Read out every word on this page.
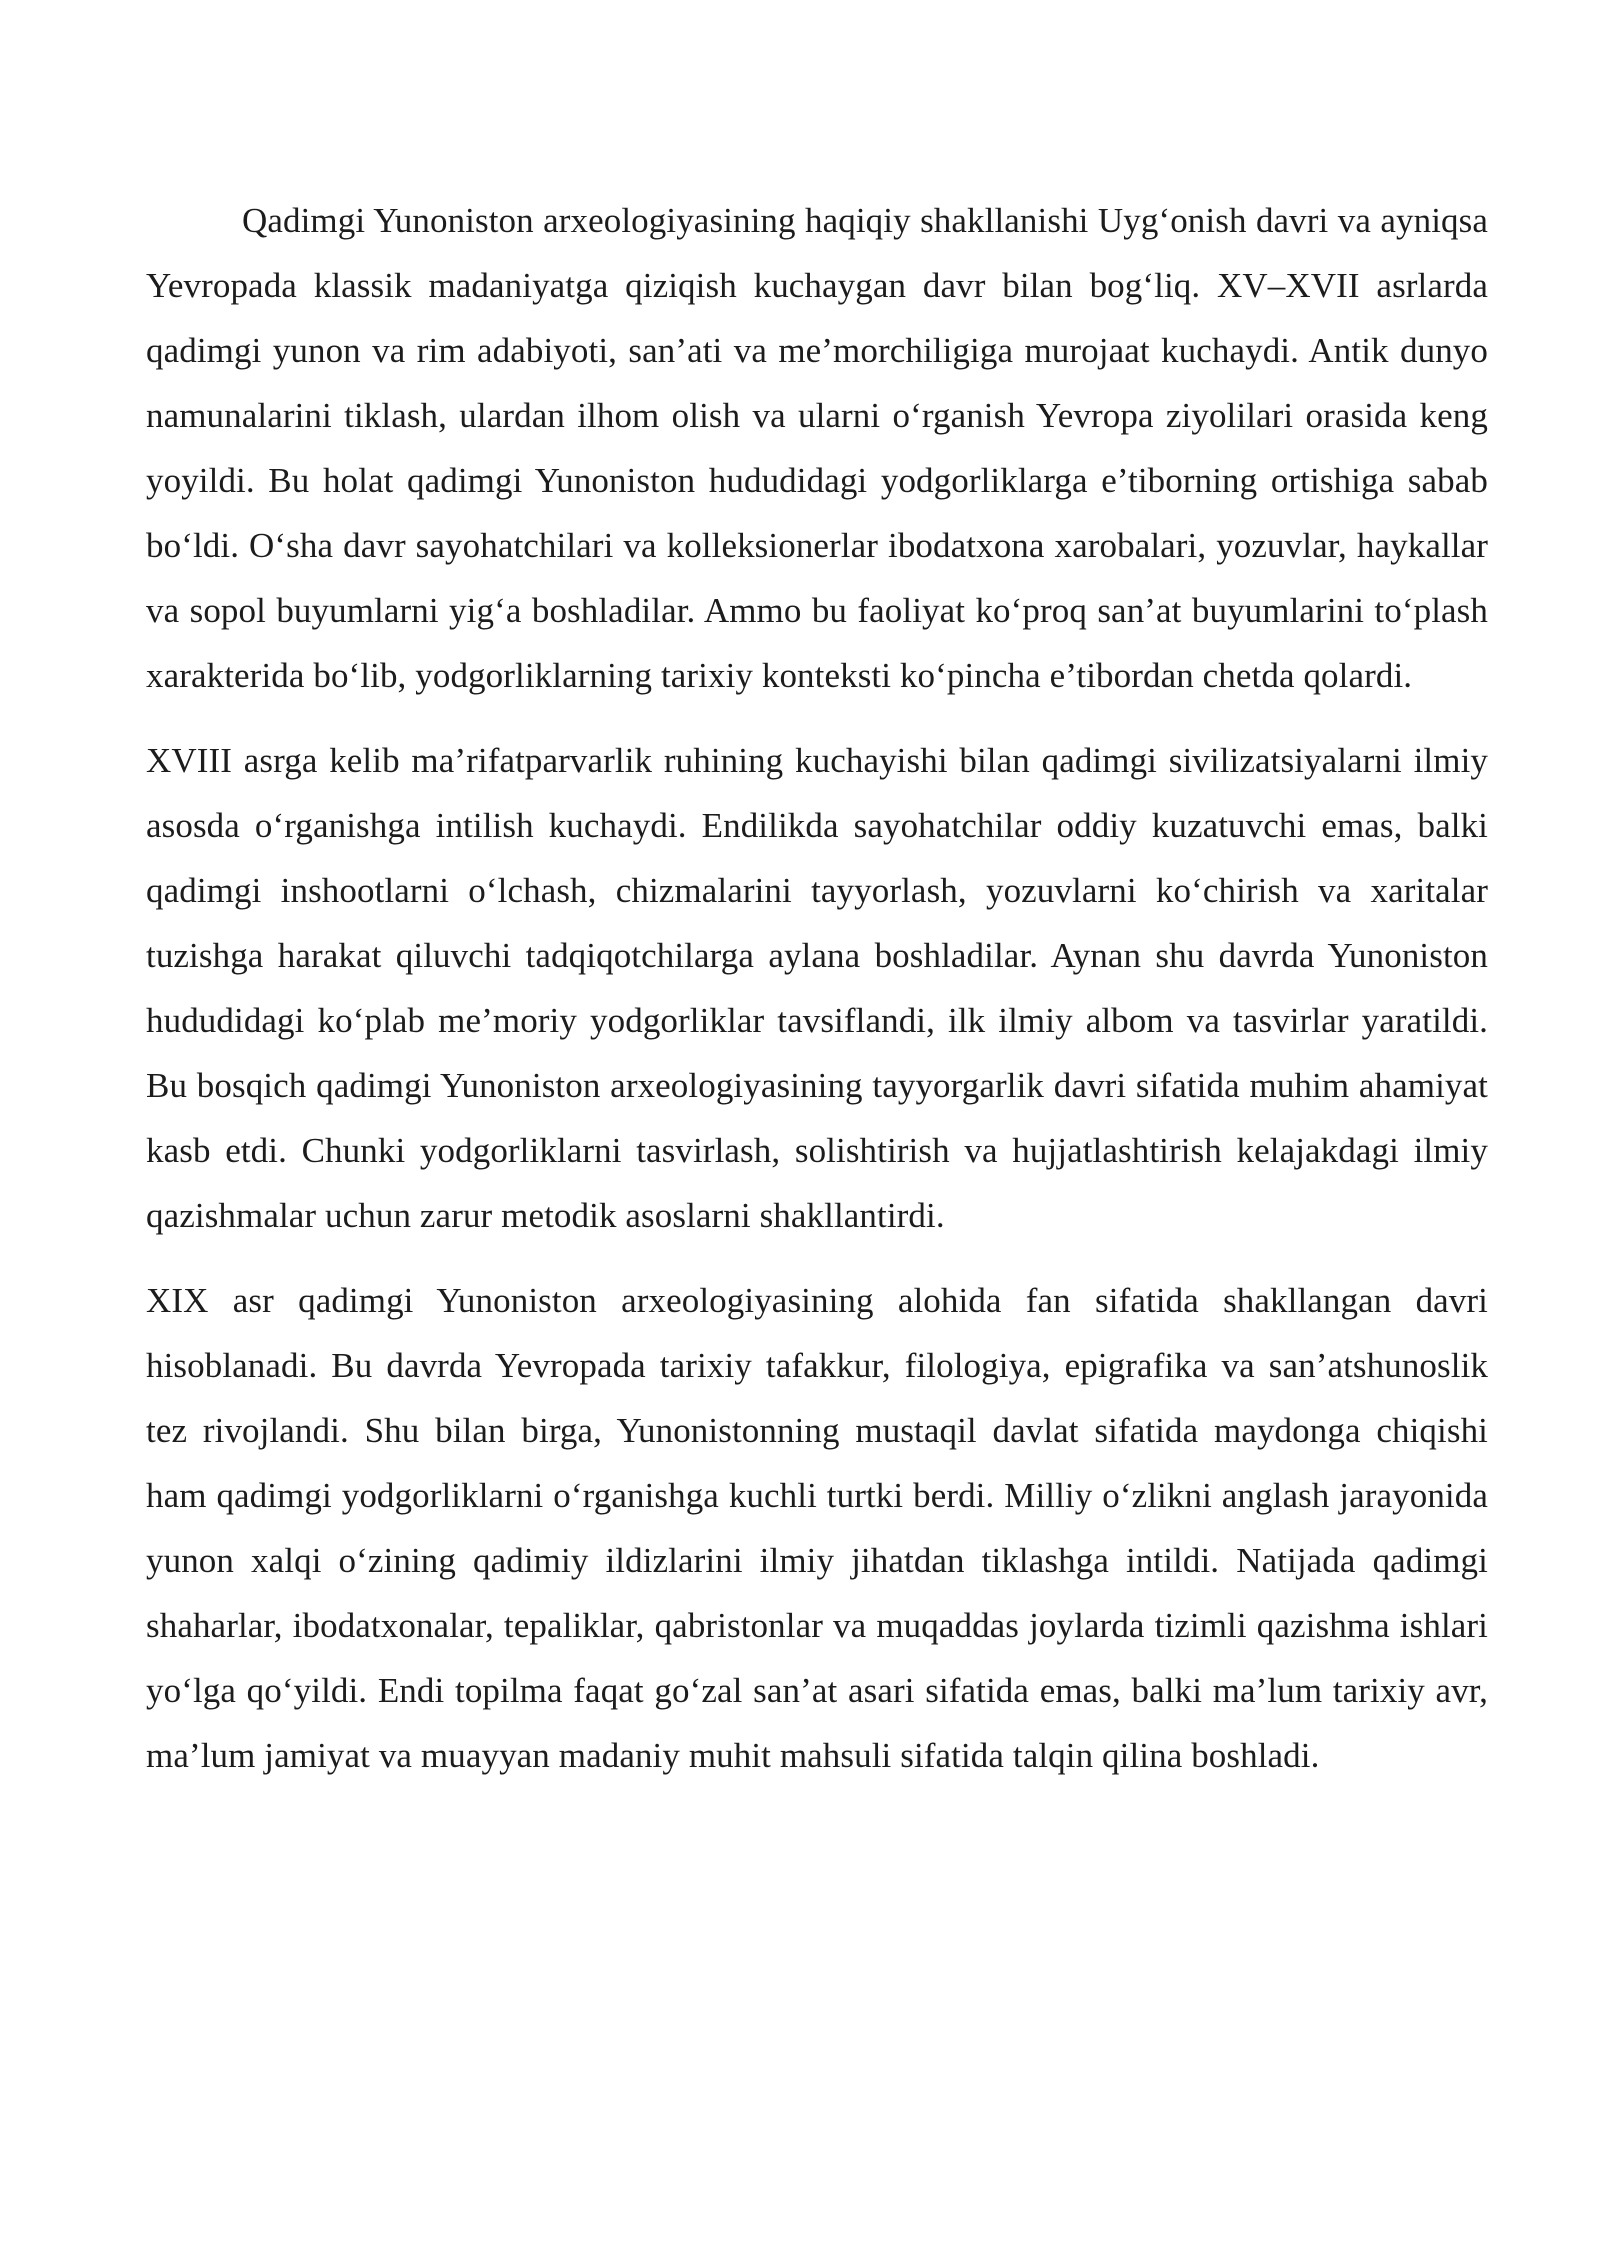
Qadimgi Yunoniston arxeologiyasining haqiqiy shakllanishi Uyg‘onish davri va ayniqsa Yevropada klassik madaniyatga qiziqish kuchaygan davr bilan bog‘liq. XV–XVII asrlarda qadimgi yunon va rim adabiyoti, san’ati va me’morchiligiga murojaat kuchaydi. Antik dunyo namunalarini tiklash, ulardan ilhom olish va ularni o‘rganish Yevropa ziyolilari orasida keng yoyildi. Bu holat qadimgi Yunoniston hududidagi yodgorliklarga e’tiborning ortishiga sabab bo‘ldi. O‘sha davr sayohatchilari va kolleksionerlar ibodatxona xarobalari, yozuvlar, haykallar va sopol buyumlarni yig‘a boshladilar. Ammo bu faoliyat ko‘proq san’at buyumlarini to‘plash xarakterida bo‘lib, yodgorliklarning tarixiy konteksti ko‘pincha e’tibordan chetda qolardi.

XVIII asrga kelib ma’rifatparvarlik ruhining kuchayishi bilan qadimgi sivilizatsiyalarni ilmiy asosda o‘rganishga intilish kuchaydi. Endilikda sayohatchilar oddiy kuzatuvchi emas, balki qadimgi inshootlarni o‘lchash, chizmalarini tayyorlash, yozuvlarni ko‘chirish va xaritalar tuzishga harakat qiluvchi tadqiqotchilarga aylana boshladilar. Aynan shu davrda Yunoniston hududidagi ko‘plab me’moriy yodgorliklar tavsiflandi, ilk ilmiy albom va tasvirlar yaratildi. Bu bosqich qadimgi Yunoniston arxeologiyasining tayyorgarlik davri sifatida muhim ahamiyat kasb etdi. Chunki yodgorliklarni tasvirlash, solishtirish va hujjatlashtirish kelajakdagi ilmiy qazishmalar uchun zarur metodik asoslarni shakllantirdi.

XIX asr qadimgi Yunoniston arxeologiyasining alohida fan sifatida shakllangan davri hisoblanadi. Bu davrda Yevropada tarixiy tafakkur, filologiya, epigrafika va san’atshunoslik tez rivojlandi. Shu bilan birga, Yunonistonning mustaqil davlat sifatida maydonga chiqishi ham qadimgi yodgorliklarni o‘rganishga kuchli turtki berdi. Milliy o‘zlikni anglash jarayonida yunon xalqi o‘zining qadimiy ildizlarini ilmiy jihatdan tiklashga intildi. Natijada qadimgi shaharlar, ibodatxonalar, tepaliklar, qabristonlar va muqaddas joylarda tizimli qazishma ishlari yo‘lga qo‘yildi. Endi topilma faqat go‘zal san’at asari sifatida emas, balki ma’lum tarixiy avr, ma’lum jamiyat va muayyan madaniy muhit mahsuli sifatida talqin qilina boshladi.
